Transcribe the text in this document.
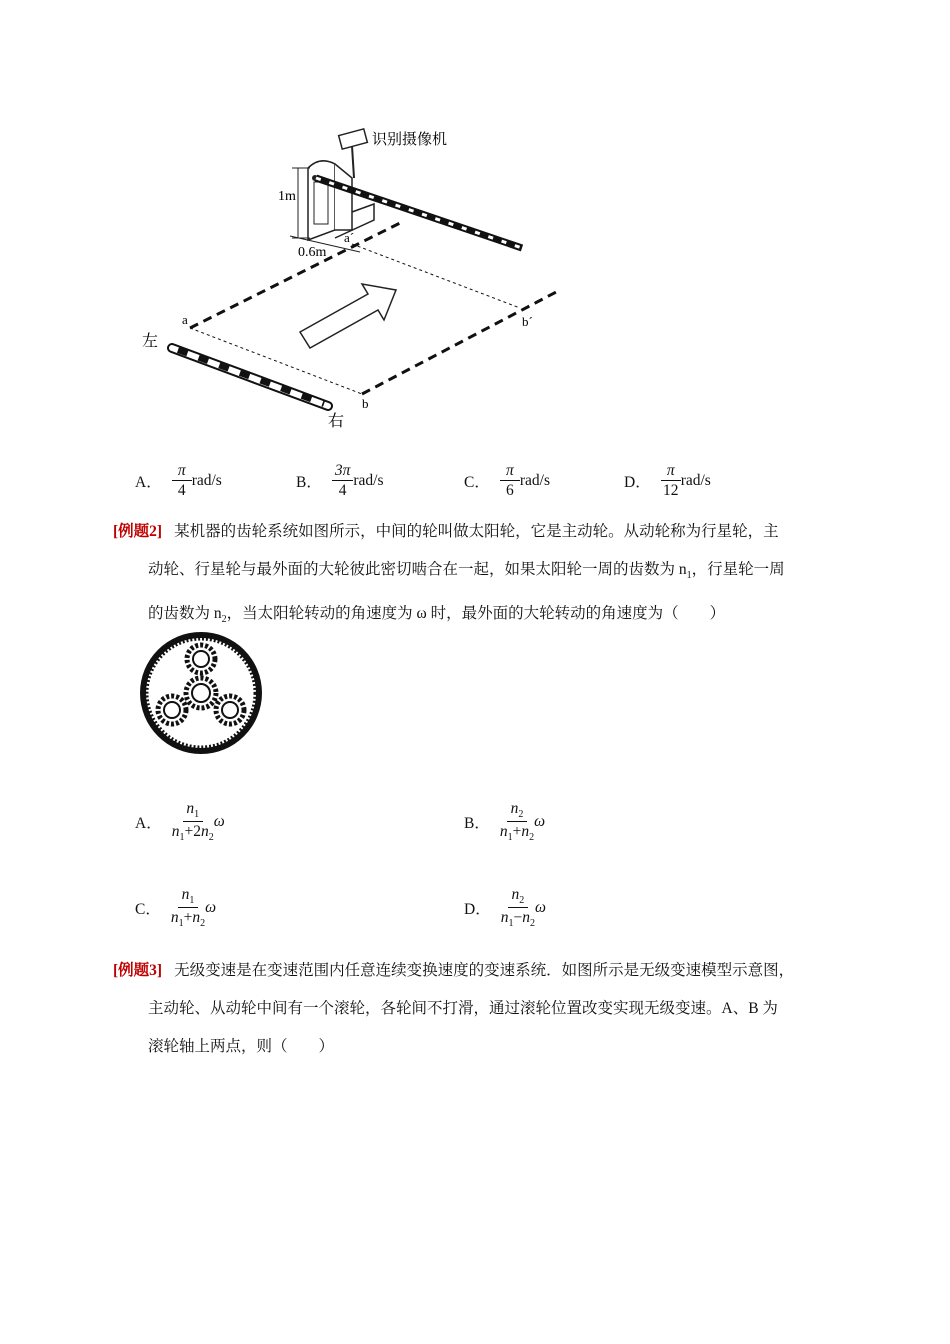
识别摄像机
1m
0.6m
a´
b´
a
b
左
右
A． $\frac{\pi}{4} rad/s$	B． $\frac{3\pi}{4} rad/s$	C． $\frac{\pi}{6} rad/s$	D． $\frac{\pi}{12} rad/s$
[例题2] 某机器的齿轮系统如图所示，中间的轮叫做太阳轮，它是主动轮。从动轮称为行星轮，主
动轮、行星轮与最外面的大轮彼此密切啮合在一起，如果太阳轮一周的齿数为 $n_1$，行星轮一周
的齿数为 $n_2$，当太阳轮转动的角速度为 ω 时，最外面的大轮转动的角速度为（　　）
A． $\frac{n_1}{n_1+2n_2}$ ω	B． $\frac{n_2}{n_1+n_2}$ ω
C． $\frac{n_1}{n_1+n_2}$ ω	D． $\frac{n_2}{n_1-n_2}$ ω
[例题3] 无级变速是在变速范围内任意连续变换速度的变速系统．如图所示是无级变速模型示意图，
主动轮、从动轮中间有一个滚轮，各轮间不打滑，通过滚轮位置改变实现无级变速。A、B 为
滚轮轴上两点，则（　　）
